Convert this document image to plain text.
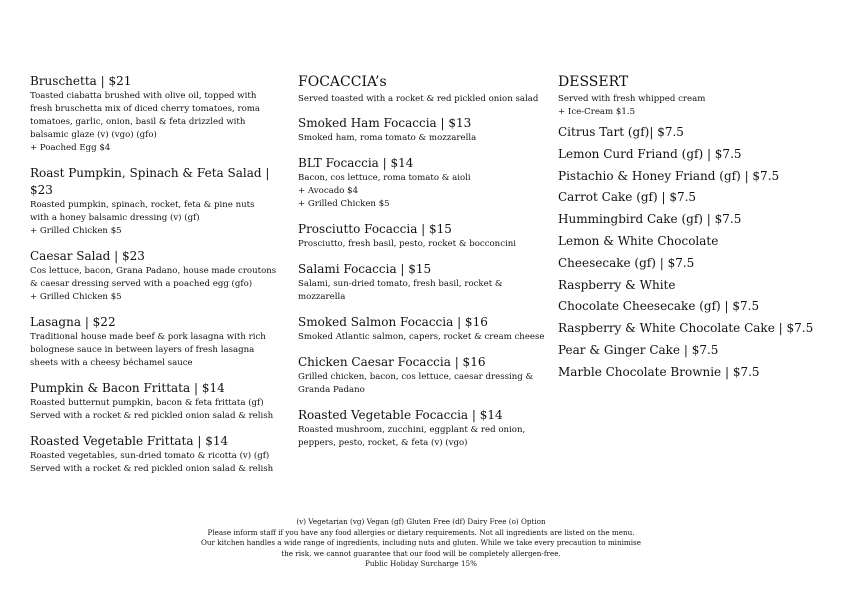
Bruschetta | $21
Toasted ciabatta brushed with olive oil, topped with
fresh bruschetta mix of diced cherry tomatoes, roma
tomatoes, garlic, onion, basil & feta drizzled with
balsamic glaze (v) (vgo) (gfo)
+ Poached Egg $4
Roast Pumpkin, Spinach & Feta Salad | $23
Roasted pumpkin, spinach, rocket, feta & pine nuts
with a honey balsamic dressing (v) (gf)
+ Grilled Chicken $5
Caesar Salad | $23
Cos lettuce, bacon, Grana Padano, house made croutons
& caesar dressing served with a poached egg (gfo)
+ Grilled Chicken $5
Lasagna | $22
Traditional house made beef & pork lasagna with rich
bolognese sauce in between layers of fresh lasagna
sheets with a cheesy béchamel sauce
Pumpkin & Bacon Frittata | $14
Roasted butternut pumpkin, bacon & feta frittata (gf)
Served with a rocket & red pickled onion salad & relish
Roasted Vegetable Frittata | $14
Roasted vegetables, sun-dried tomato & ricotta (v) (gf)
Served with a rocket & red pickled onion salad & relish
FOCACCIA’s
Served toasted with a rocket & red pickled onion salad
Smoked Ham Focaccia | $13
Smoked ham, roma tomato & mozzarella
BLT Focaccia | $14
Bacon, cos lettuce, roma tomato & aioli
+ Avocado $4
+ Grilled Chicken $5
Prosciutto Focaccia | $15
Prosciutto, fresh basil, pesto, rocket & bocconcini
Salami Focaccia | $15
Salami, sun-dried tomato, fresh basil, rocket &
mozzarella
Smoked Salmon Focaccia | $16
Smoked Atlantic salmon, capers, rocket & cream cheese
Chicken Caesar Focaccia | $16
Grilled chicken, bacon, cos lettuce, caesar dressing &
Granda Padano
Roasted Vegetable Focaccia | $14
Roasted mushroom, zucchini, eggplant & red onion,
peppers, pesto, rocket, & feta (v) (vgo)
DESSERT
Served with fresh whipped cream
+ Ice-Cream $1.5
Citrus Tart (gf)| $7.5
Lemon Curd Friand (gf) | $7.5
Pistachio & Honey Friand (gf) | $7.5
Carrot Cake (gf) | $7.5
Hummingbird Cake (gf) | $7.5
Lemon & White Chocolate
Cheesecake (gf) | $7.5
Raspberry & White
Chocolate Cheesecake (gf) | $7.5
Raspberry & White Chocolate Cake | $7.5
Pear & Ginger Cake | $7.5
Marble Chocolate Brownie | $7.5
(v) Vegetarian (vg) Vegan (gf) Gluten Free (df) Dairy Free (o) Option
Please inform staff if you have any food allergies or dietary requirements. Not all ingredients are listed on the menu.
Our kitchen handles a wide range of ingredients, including nuts and gluten. While we take every precaution to minimise
the risk, we cannot guarantee that our food will be completely allergen-free.
Public Holiday Surcharge 15%
